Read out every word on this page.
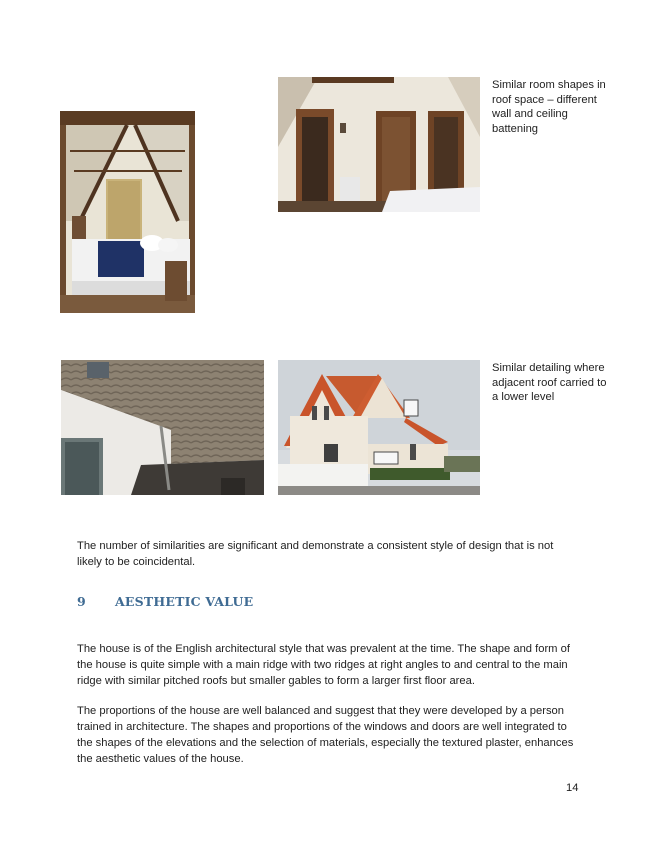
Similar room shapes in roof space – different wall and ceiling battening
Similar detailing where adjacent roof carried to a lower level

The number of similarities are significant and demonstrate a consistent style of design that is not likely to be coincidental.

9 AESTHETIC VALUE

The house is of the English architectural style that was prevalent at the time. The shape and form of the house is quite simple with a main ridge with two ridges at right angles to and central to the main ridge with similar pitched roofs but smaller gables to form a larger first floor area.

The proportions of the house are well balanced and suggest that they were developed by a person trained in architecture. The shapes and proportions of the windows and doors are well integrated to the shapes of the elevations and the selection of materials, especially the textured plaster, enhances the aesthetic values of the house.

14
